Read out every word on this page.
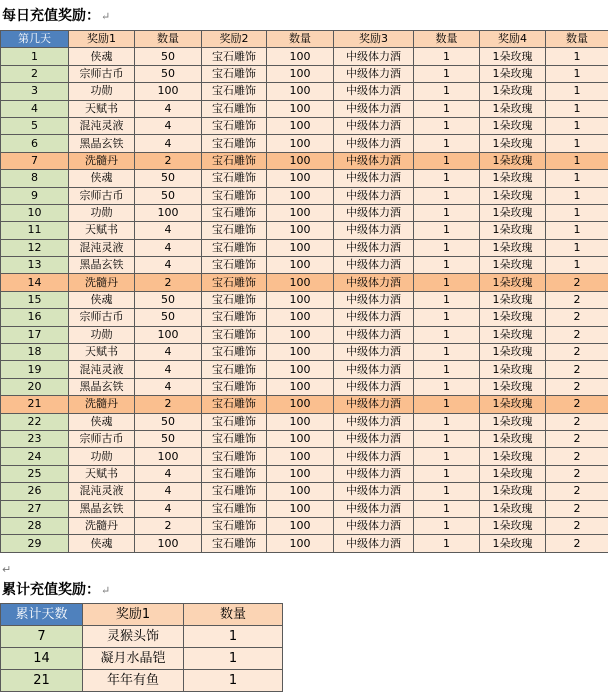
每日充值奖励：↵
第几天	奖励1	数量	奖励2	数量	奖励3	数量	奖励4	数量
1	侠魂	50	宝石雕饰	100	中级体力酒	1	1朵玫瑰	1
2	宗师古币	50	宝石雕饰	100	中级体力酒	1	1朵玫瑰	1
3	功勋	100	宝石雕饰	100	中级体力酒	1	1朵玫瑰	1
4	天赋书	4	宝石雕饰	100	中级体力酒	1	1朵玫瑰	1
5	混沌灵液	4	宝石雕饰	100	中级体力酒	1	1朵玫瑰	1
6	黑晶玄铁	4	宝石雕饰	100	中级体力酒	1	1朵玫瑰	1
7	洗髓丹	2	宝石雕饰	100	中级体力酒	1	1朵玫瑰	1
8	侠魂	50	宝石雕饰	100	中级体力酒	1	1朵玫瑰	1
9	宗师古币	50	宝石雕饰	100	中级体力酒	1	1朵玫瑰	1
10	功勋	100	宝石雕饰	100	中级体力酒	1	1朵玫瑰	1
11	天赋书	4	宝石雕饰	100	中级体力酒	1	1朵玫瑰	1
12	混沌灵液	4	宝石雕饰	100	中级体力酒	1	1朵玫瑰	1
13	黑晶玄铁	4	宝石雕饰	100	中级体力酒	1	1朵玫瑰	1
14	洗髓丹	2	宝石雕饰	100	中级体力酒	1	1朵玫瑰	2
15	侠魂	50	宝石雕饰	100	中级体力酒	1	1朵玫瑰	2
16	宗师古币	50	宝石雕饰	100	中级体力酒	1	1朵玫瑰	2
17	功勋	100	宝石雕饰	100	中级体力酒	1	1朵玫瑰	2
18	天赋书	4	宝石雕饰	100	中级体力酒	1	1朵玫瑰	2
19	混沌灵液	4	宝石雕饰	100	中级体力酒	1	1朵玫瑰	2
20	黑晶玄铁	4	宝石雕饰	100	中级体力酒	1	1朵玫瑰	2
21	洗髓丹	2	宝石雕饰	100	中级体力酒	1	1朵玫瑰	2
22	侠魂	50	宝石雕饰	100	中级体力酒	1	1朵玫瑰	2
23	宗师古币	50	宝石雕饰	100	中级体力酒	1	1朵玫瑰	2
24	功勋	100	宝石雕饰	100	中级体力酒	1	1朵玫瑰	2
25	天赋书	4	宝石雕饰	100	中级体力酒	1	1朵玫瑰	2
26	混沌灵液	4	宝石雕饰	100	中级体力酒	1	1朵玫瑰	2
27	黑晶玄铁	4	宝石雕饰	100	中级体力酒	1	1朵玫瑰	2
28	洗髓丹	2	宝石雕饰	100	中级体力酒	1	1朵玫瑰	2
29	侠魂	100	宝石雕饰	100	中级体力酒	1	1朵玫瑰	2
↵
累计充值奖励：↵
累计天数	奖励1	数量
7	灵猴头饰	1
14	凝月水晶铠	1
21	年年有鱼	1
